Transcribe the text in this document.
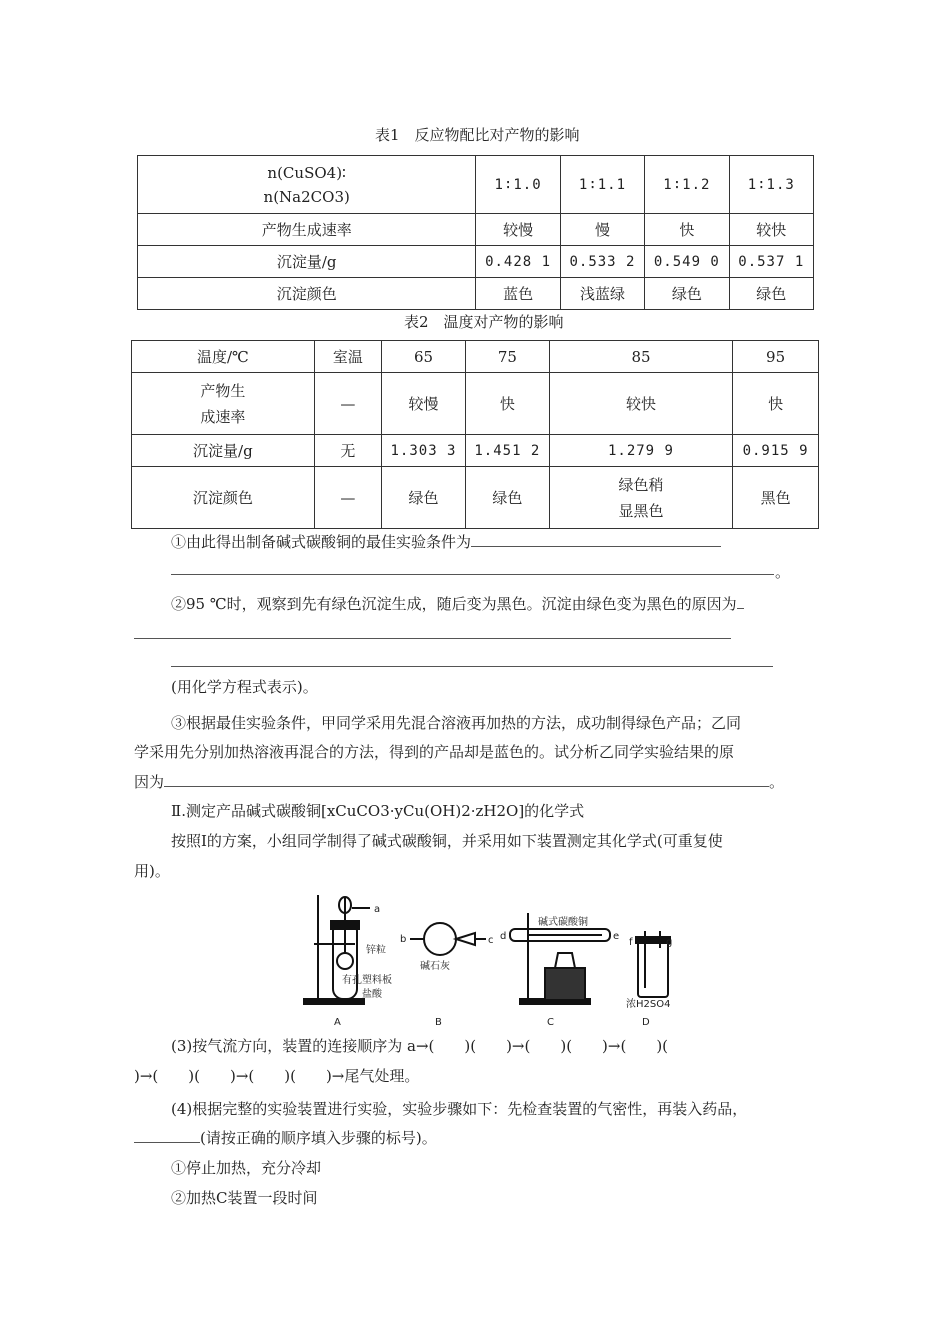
表1　反应物配比对产物的影响
n(CuSO4)∶
n(Na2CO3)	1∶1.0	1∶1.1	1∶1.2	1∶1.3
产物生成速率	较慢	慢	快	较快
沉淀量/g	0.428 1	0.533 2	0.549 0	0.537 1
沉淀颜色	蓝色	浅蓝绿	绿色	绿色
表2　温度对产物的影响
温度/℃	室温	65	75	85	95
产物生
成速率	—	较慢	快	较快	快
沉淀量/g	无	1.303 3	1.451 2	1.279 9	0.915 9
沉淀颜色	—	绿色	绿色	绿色稍
显黑色	黑色
①由此得出制备碱式碳酸铜的最佳实验条件为
。
②95 ℃时，观察到先有绿色沉淀生成，随后变为黑色。沉淀由绿色变为黑色的原因为
(用化学方程式表示)。
③根据最佳实验条件，甲同学采用先混合溶液再加热的方法，成功制得绿色产品；乙同
学采用先分别加热溶液再混合的方法，得到的产品却是蓝色的。试分析乙同学实验结果的原
因为	。
Ⅱ.测定产品碱式碳酸铜[xCuCO3·yCu(OH)2·zH2O]的化学式
按照Ⅰ的方案，小组同学制得了碱式碳酸铜，并采用如下装置测定其化学式(可重复使
用)。
a
锌粒
有孔塑料板
盐酸
b	c
碱石灰
碱式碳酸铜
d	e
f	g
浓H2SO4
A	B	C	D
(3)按气流方向，装置的连接顺序为 a→(　　)(　　)→(　　)(　　)→(　　)(
)→(　　)(　　)→(　　)(　　)→尾气处理。
(4)根据完整的实验装置进行实验，实验步骤如下：先检查装置的气密性，再装入药品，
(请按正确的顺序填入步骤的标号)。
①停止加热，充分冷却
②加热C装置一段时间
